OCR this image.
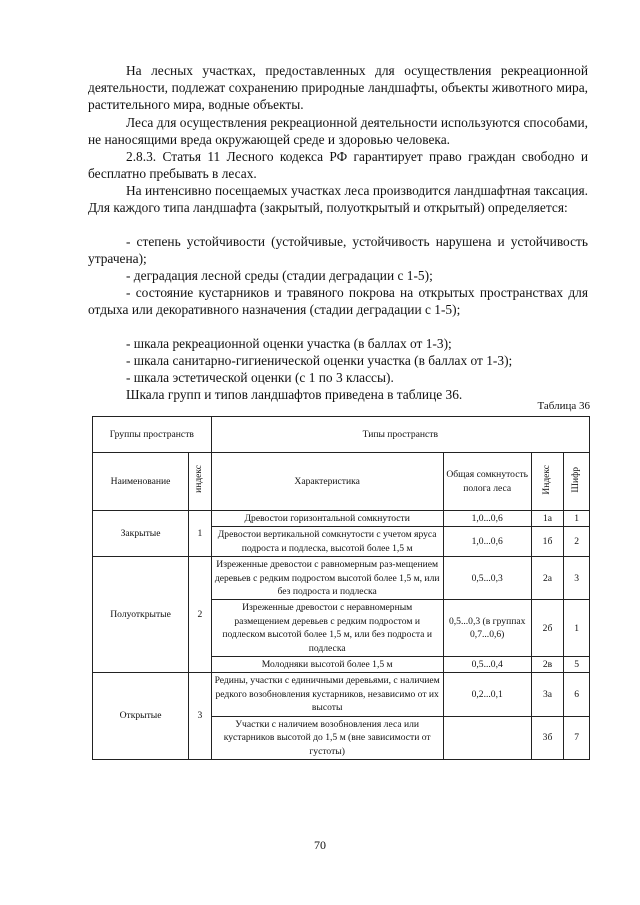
На лесных участках, предоставленных для осуществления рекреационной деятельности, подлежат сохранению природные ландшафты, объекты животного мира, растительного мира, водные объекты.

Леса для осуществления рекреационной деятельности используются способами, не наносящими вреда окружающей среде и здоровью человека.

2.8.3. Статья 11 Лесного кодекса РФ гарантирует право граждан свободно и бесплатно пребывать в лесах.

На интенсивно посещаемых участках леса производится ландшафтная таксация. Для каждого типа ландшафта (закрытый, полуоткрытый и открытый) определяется:

- степень устойчивости (устойчивые, устойчивость нарушена и устойчивость утрачена);

- деградация лесной среды (стадии деградации с 1-5);

- состояние кустарников и травяного покрова на открытых пространствах для отдыха или декоративного назначения (стадии деградации с 1-5);

- шкала рекреационной оценки участка (в баллах от 1-3);

- шкала санитарно-гигиенической оценки участка (в баллах от 1-3);

- шкала эстетической оценки (с 1 по 3 классы).

Шкала групп и типов ландшафтов приведена в таблице 36.

Таблица 36
Группы пространств		Типы пространств			
Наименование	индекс	Характеристика	Общая сомкнутость полога леса	Индекс	Шифр
Закрытые	1	Древостои горизонтальной сомкнутости	1,0...0,6	1а	1
		Древостои вертикальной сомкнутости с учетом яруса подроста и подлеска, высотой более 1,5 м	1,0...0,6	1б	2
Полуоткрытые	2	Изреженные древостои с равномерным раз-мещением деревьев с редким подростом высотой более 1,5 м, или без подроста и подлеска	0,5...0,3	2а	3
		Изреженные древостои с неравномерным размещением деревьев с редким подростом и подлеском высотой более 1,5 м, или без подроста и подлеска	0,5...0,3 (в группах 0,7...0,6)	2б	1
		Молодняки высотой более 1,5 м	0,5...0,4	2в	5
Открытые	3	Редины, участки с единичными деревьями, с наличием редкого возобновления кустарников, независимо от их высоты	0,2...0,1	3а	6
		Участки с наличием возобновления леса или кустарников высотой до 1,5 м (вне зависимости от густоты)		3б	7
70
